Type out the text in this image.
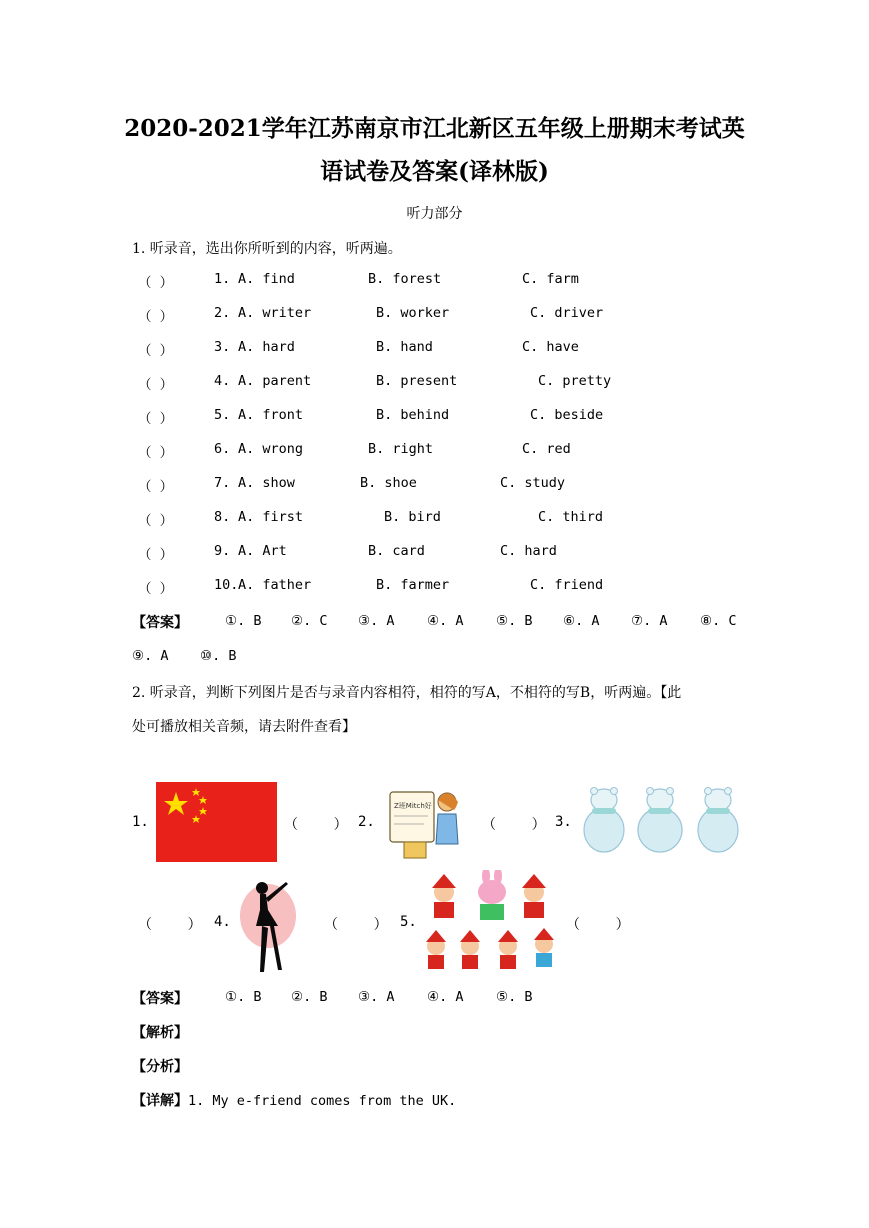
2020-2021学年江苏南京市江北新区五年级上册期末考试英
语试卷及答案(译林版)
听力部分
1. 听录音，选出你所听到的内容，听两遍。
（ ）	1. A. find	B. forest	C. farm
（ ）	2. A. writer	B. worker	C. driver
（ ）	3. A. hard	B. hand	C. have
（ ）	4. A. parent	B. present	C. pretty
（ ）	5. A. front	B. behind	C. beside
（ ）	6. A. wrong	B. right	C. red
（ ）	7. A. show	B. shoe	C. study
（ ）	8. A. first	B. bird	C. third
（ ）	9. A. Art	B. card	C. hard
（ ）	10. A. father	B. farmer	C. friend
【答案】	①. B ②. C ③. A ④. A ⑤. B ⑥. A ⑦. A ⑧. C
⑨. A ⑩. B
2. 听录音，判断下列图片是否与录音内容相符，相符的写A，不相符的写B，听两遍。【此
处可播放相关音频，请去附件查看】
1.	（	） 2.
Z班Mitch好
（	） 3.
（	） 4.	（	） 5.	（	）
【答案】	①. B ②. B ③. A ④. A ⑤. B
【解析】
【分析】
【详解】1. My e-friend comes from the UK.
